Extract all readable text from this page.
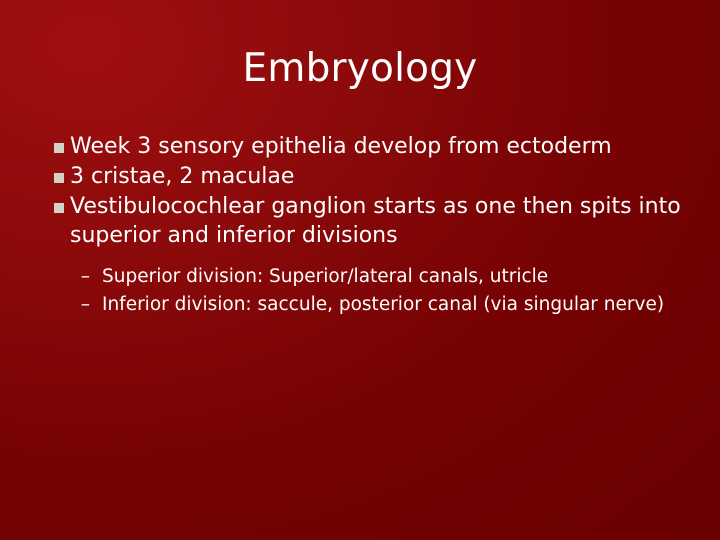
Embryology
Week 3 sensory epithelia develop from ectoderm
3 cristae, 2 maculae
Vestibulocochlear ganglion starts as one then spits into superior and inferior divisions
– Superior division: Superior/lateral canals, utricle
– Inferior division: saccule, posterior canal (via singular nerve)
